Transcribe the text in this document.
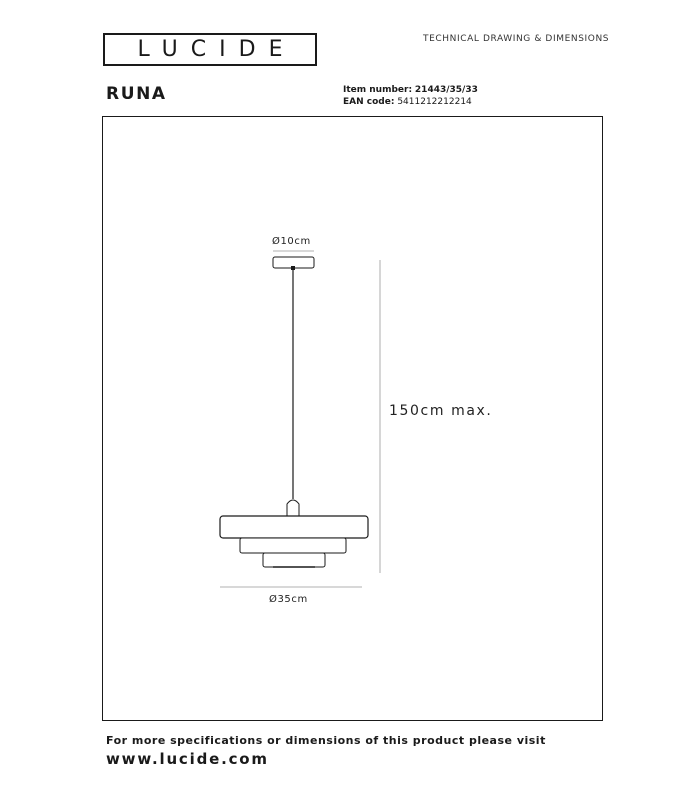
LUCIDE	TECHNICAL DRAWING & DIMENSIONS
RUNA	Item number: 21443/35/33
EAN code: 5411212212214
Ø10cm
150cm max.
Ø35cm
For more specifications or dimensions of this product please visit
www.lucide.com
